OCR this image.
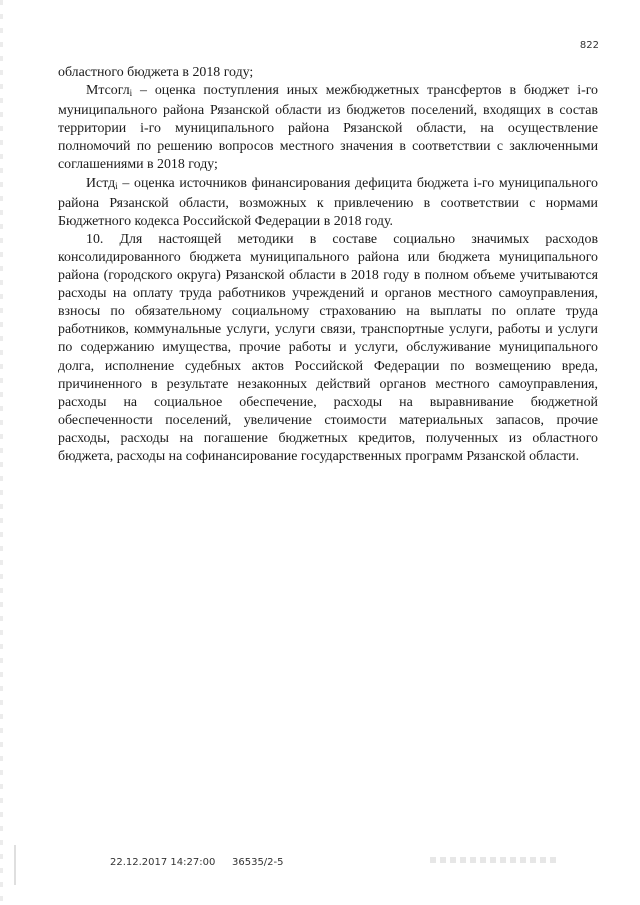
822

областного бюджета в 2018 году;

Мтсогл$_i$ – оценка поступления иных межбюджетных трансфертов в бюджет i-го муниципального района Рязанской области из бюджетов поселений, входящих в состав территории i-го муниципального района Рязанской области, на осуществление полномочий по решению вопросов местного значения в соответствии с заключенными соглашениями в 2018 году;

Истд$_i$ – оценка источников финансирования дефицита бюджета i-го муниципального района Рязанской области, возможных к привлечению в соответствии с нормами Бюджетного кодекса Российской Федерации в 2018 году.

10. Для настоящей методики в составе социально значимых расходов консолидированного бюджета муниципального района или бюджета муниципального района (городского округа) Рязанской области в 2018 году в полном объеме учитываются расходы на оплату труда работников учреждений и органов местного самоуправления, взносы по обязательному социальному страхованию на выплаты по оплате труда работников, коммунальные услуги, услуги связи, транспортные услуги, работы и услуги по содержанию имущества, прочие работы и услуги, обслуживание муниципального долга, исполнение судебных актов Российской Федерации по возмещению вреда, причиненного в результате незаконных действий органов местного самоуправления, расходы на социальное обеспечение, расходы на выравнивание бюджетной обеспеченности поселений, увеличение стоимости материальных запасов, прочие расходы, расходы на погашение бюджетных кредитов, полученных из областного бюджета, расходы на софинансирование государственных программ Рязанской области.

22.12.2017 14:27:00 36535/2-5
